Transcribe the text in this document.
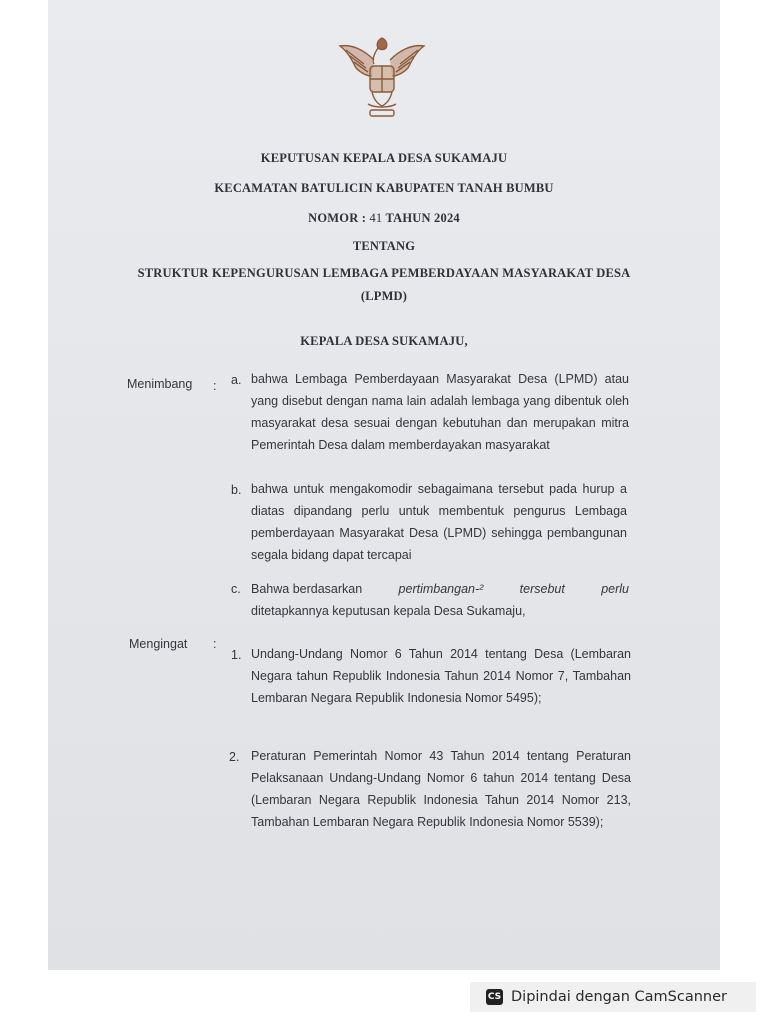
KEPUTUSAN KEPALA DESA SUKAMAJU
KECAMATAN BATULICIN KABUPATEN TANAH BUMBU
NOMOR : 41 TAHUN 2024
TENTANG
STRUKTUR KEPENGURUSAN LEMBAGA PEMBERDAYAAN MASYARAKAT DESA
(LPMD)
KEPALA DESA SUKAMAJU,
Menimbang : a. bahwa Lembaga Pemberdayaan Masyarakat Desa (LPMD) atau yang disebut dengan nama lain adalah lembaga yang dibentuk oleh masyarakat desa sesuai dengan kebutuhan dan merupakan mitra Pemerintah Desa dalam memberdayakan masyarakat
b. bahwa untuk mengakomodir sebagaimana tersebut pada hurup a diatas dipandang perlu untuk membentuk pengurus Lembaga pemberdayaan Masyarakat Desa (LPMD) sehingga pembangunan segala bidang dapat tercapai
c. Bahwa berdasarkan	pertimbangan-²	tersebut	perlu
ditetapkannya keputusan kepala Desa Sukamaju,
Mengingat :
1. Undang-Undang Nomor 6 Tahun 2014 tentang Desa (Lembaran Negara tahun Republik Indonesia Tahun 2014 Nomor 7, Tambahan Lembaran Negara Republik Indonesia Nomor 5495);
2. Peraturan Pemerintah Nomor 43 Tahun 2014 tentang Peraturan Pelaksanaan Undang-Undang Nomor 6 tahun 2014 tentang Desa (Lembaran Negara Republik Indonesia Tahun 2014 Nomor 213, Tambahan Lembaran Negara Republik Indonesia Nomor 5539);
CS Dipindai dengan CamScanner
